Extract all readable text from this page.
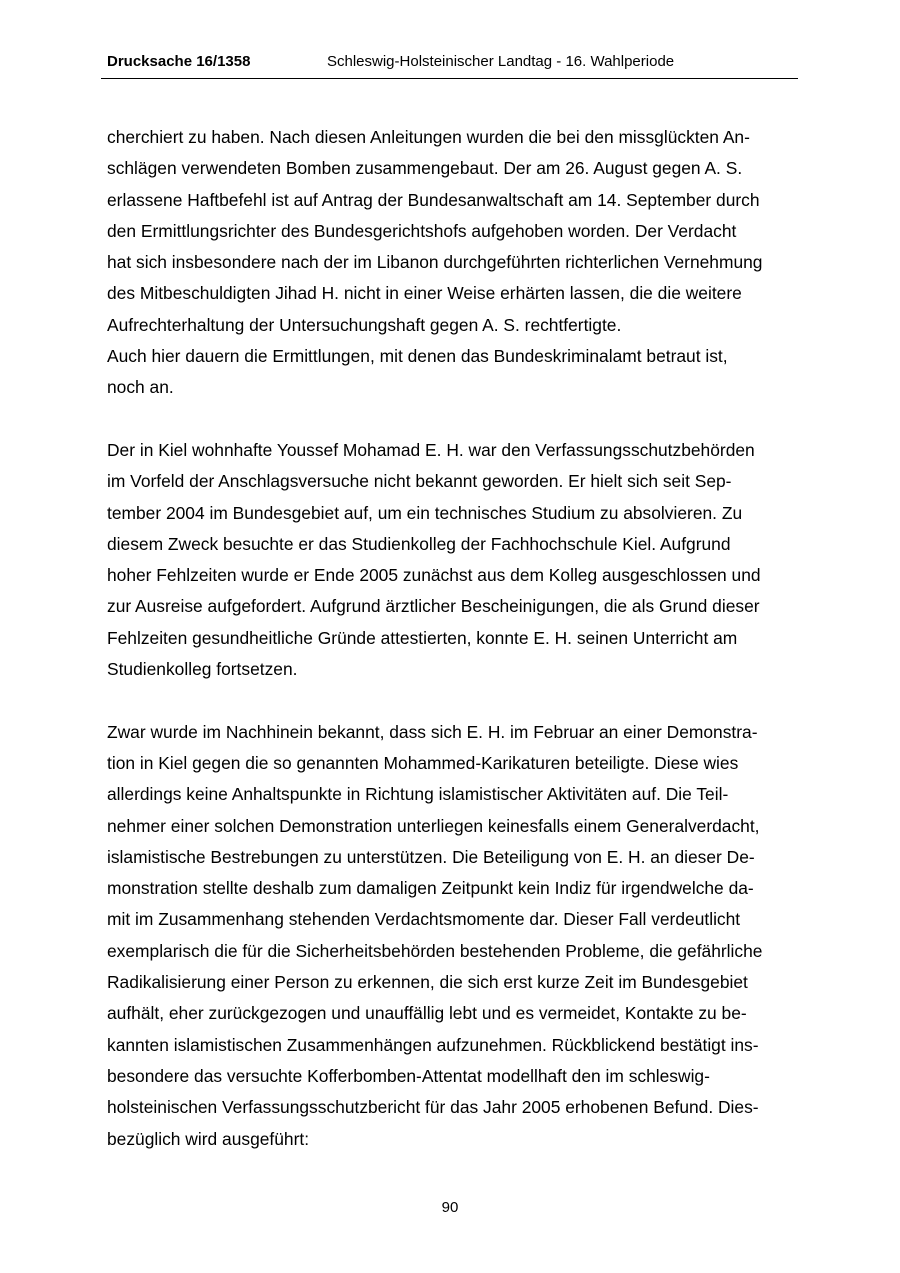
Drucksache 16/1358	Schleswig-Holsteinischer Landtag - 16. Wahlperiode
cherchiert zu haben. Nach diesen Anleitungen wurden die bei den missglückten An-
schlägen verwendeten Bomben zusammengebaut. Der am 26. August gegen A. S.
erlassene Haftbefehl ist auf Antrag der Bundesanwaltschaft am 14. September durch
den Ermittlungsrichter des Bundesgerichtshofs aufgehoben worden. Der Verdacht
hat sich insbesondere nach der im Libanon durchgeführten richterlichen Vernehmung
des Mitbeschuldigten Jihad H. nicht in einer Weise erhärten lassen, die die weitere
Aufrechterhaltung der Untersuchungshaft gegen A. S. rechtfertigte.
Auch hier dauern die Ermittlungen, mit denen das Bundeskriminalamt betraut ist,
noch an.
Der in Kiel wohnhafte Youssef Mohamad E. H. war den Verfassungsschutzbehörden
im Vorfeld der Anschlagsversuche nicht bekannt geworden. Er hielt sich seit Sep-
tember 2004 im Bundesgebiet auf, um ein technisches Studium zu absolvieren. Zu
diesem Zweck besuchte er das Studienkolleg der Fachhochschule Kiel. Aufgrund
hoher Fehlzeiten wurde er Ende 2005 zunächst aus dem Kolleg ausgeschlossen und
zur Ausreise aufgefordert. Aufgrund ärztlicher Bescheinigungen, die als Grund dieser
Fehlzeiten gesundheitliche Gründe attestierten, konnte E. H. seinen Unterricht am
Studienkolleg fortsetzen.
Zwar wurde im Nachhinein bekannt, dass sich E. H. im Februar an einer Demonstra-
tion in Kiel gegen die so genannten Mohammed-Karikaturen beteiligte. Diese wies
allerdings keine Anhaltspunkte in Richtung islamistischer Aktivitäten auf. Die Teil-
nehmer einer solchen Demonstration unterliegen keinesfalls einem Generalverdacht,
islamistische Bestrebungen zu unterstützen. Die Beteiligung von E. H. an dieser De-
monstration stellte deshalb zum damaligen Zeitpunkt kein Indiz für irgendwelche da-
mit im Zusammenhang stehenden Verdachtsmomente dar. Dieser Fall verdeutlicht
exemplarisch die für die Sicherheitsbehörden bestehenden Probleme, die gefährliche
Radikalisierung einer Person zu erkennen, die sich erst kurze Zeit im Bundesgebiet
aufhält, eher zurückgezogen und unauffällig lebt und es vermeidet, Kontakte zu be-
kannten islamistischen Zusammenhängen aufzunehmen. Rückblickend bestätigt ins-
besondere das versuchte Kofferbomben-Attentat modellhaft den im schleswig-
holsteinischen Verfassungsschutzbericht für das Jahr 2005 erhobenen Befund. Dies-
bezüglich wird ausgeführt:
90
